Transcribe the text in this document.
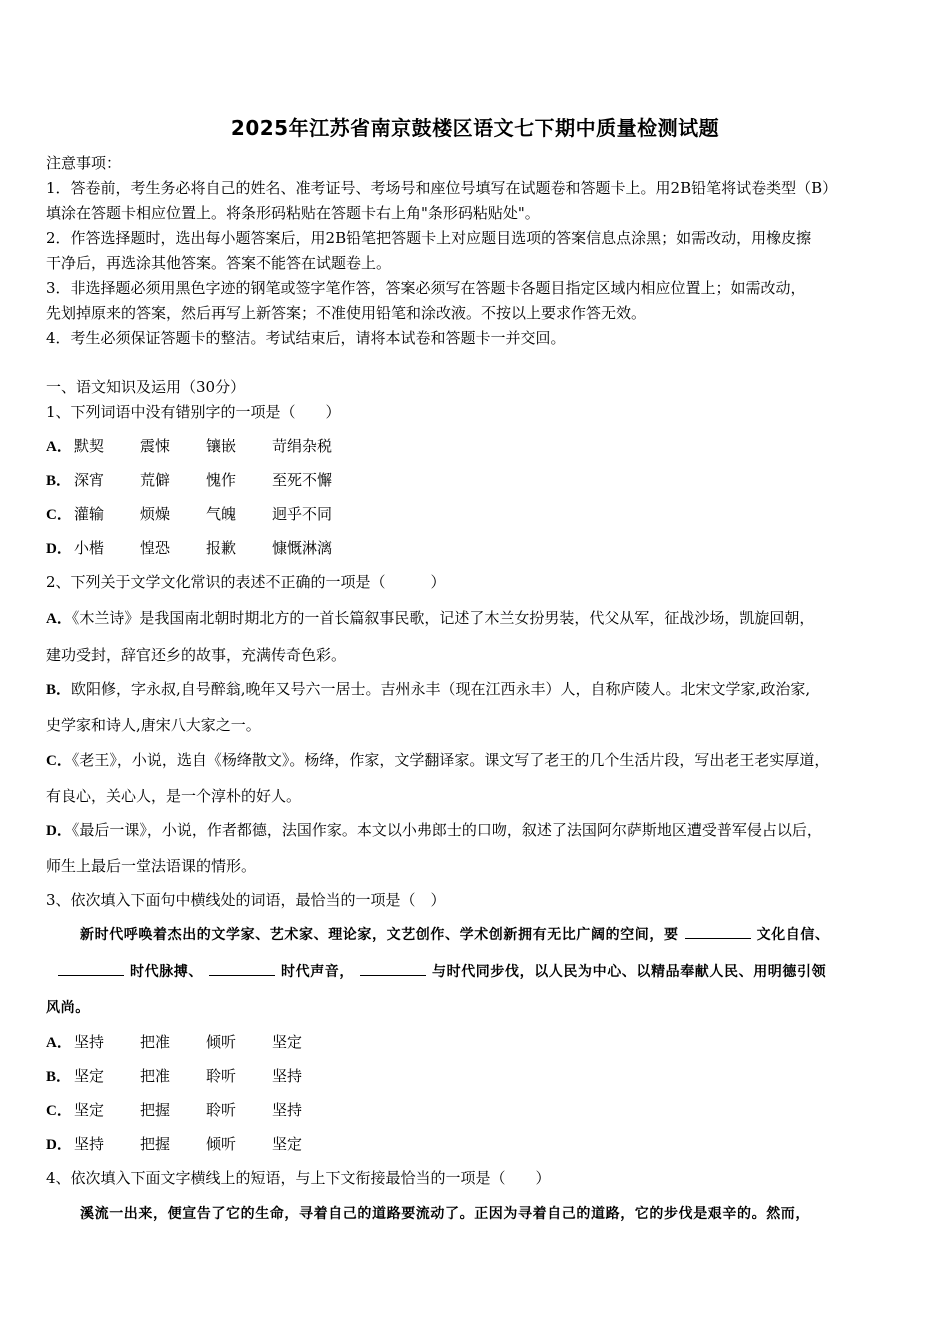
2025年江苏省南京鼓楼区语文七下期中质量检测试题
注意事项：
1．答卷前，考生务必将自己的姓名、准考证号、考场号和座位号填写在试题卷和答题卡上。用2B铅笔将试卷类型（B）
填涂在答题卡相应位置上。将条形码粘贴在答题卡右上角"条形码粘贴处"。
2．作答选择题时，选出每小题答案后，用2B铅笔把答题卡上对应题目选项的答案信息点涂黑；如需改动，用橡皮擦
干净后，再选涂其他答案。答案不能答在试题卷上。
3．非选择题必须用黑色字迹的钢笔或签字笔作答，答案必须写在答题卡各题目指定区域内相应位置上；如需改动，
先划掉原来的答案，然后再写上新答案；不准使用铅笔和涂改液。不按以上要求作答无效。
4．考生必须保证答题卡的整洁。考试结束后，请将本试卷和答题卡一并交回。
一、语文知识及运用（30分）
1、下列词语中没有错别字的一项是（　　）
A． 默契 震悚 镶嵌 苛绢杂税
B． 深宵 荒僻 愧作 至死不懈
C． 灌输 烦燥 气魄 迥乎不同
D． 小楷 惶恐 报歉 慷慨淋漓
2、下列关于文学文化常识的表述不正确的一项是（　　　）
A．《木兰诗》是我国南北朝时期北方的一首长篇叙事民歌，记述了木兰女扮男装，代父从军，征战沙场，凯旋回朝，
建功受封，辞官还乡的故事，充满传奇色彩。
B．欧阳修，字永叔,自号醉翁,晚年又号六一居士。吉州永丰（现在江西永丰）人，自称庐陵人。北宋文学家,政治家,
史学家和诗人,唐宋八大家之一。
C．《老王》，小说，选自《杨绛散文》。杨绛，作家，文学翻译家。课文写了老王的几个生活片段，写出老王老实厚道，
有良心，关心人，是一个淳朴的好人。
D．《最后一课》，小说，作者都德，法国作家。本文以小弗郎士的口吻，叙述了法国阿尔萨斯地区遭受普军侵占以后，
师生上最后一堂法语课的情形。
3、依次填入下面句中横线处的词语，最恰当的一项是（　）
新时代呼唤着杰出的文学家、艺术家、理论家，文艺创作、学术创新拥有无比广阔的空间，要	文化自信、
时代脉搏、	时代声音，	与时代同步伐，以人民为中心、以精品奉献人民、用明德引领
风尚。
A． 坚持 把准 倾听 坚定
B． 坚定 把准 聆听 坚持
C． 坚定 把握 聆听 坚持
D． 坚持 把握 倾听 坚定
4、依次填入下面文字横线上的短语，与上下文衔接最恰当的一项是（　　）
溪流一出来，便宣告了它的生命，寻着自己的道路要流动了。正因为寻着自己的道路，它的步伐是艰辛的。然而，
